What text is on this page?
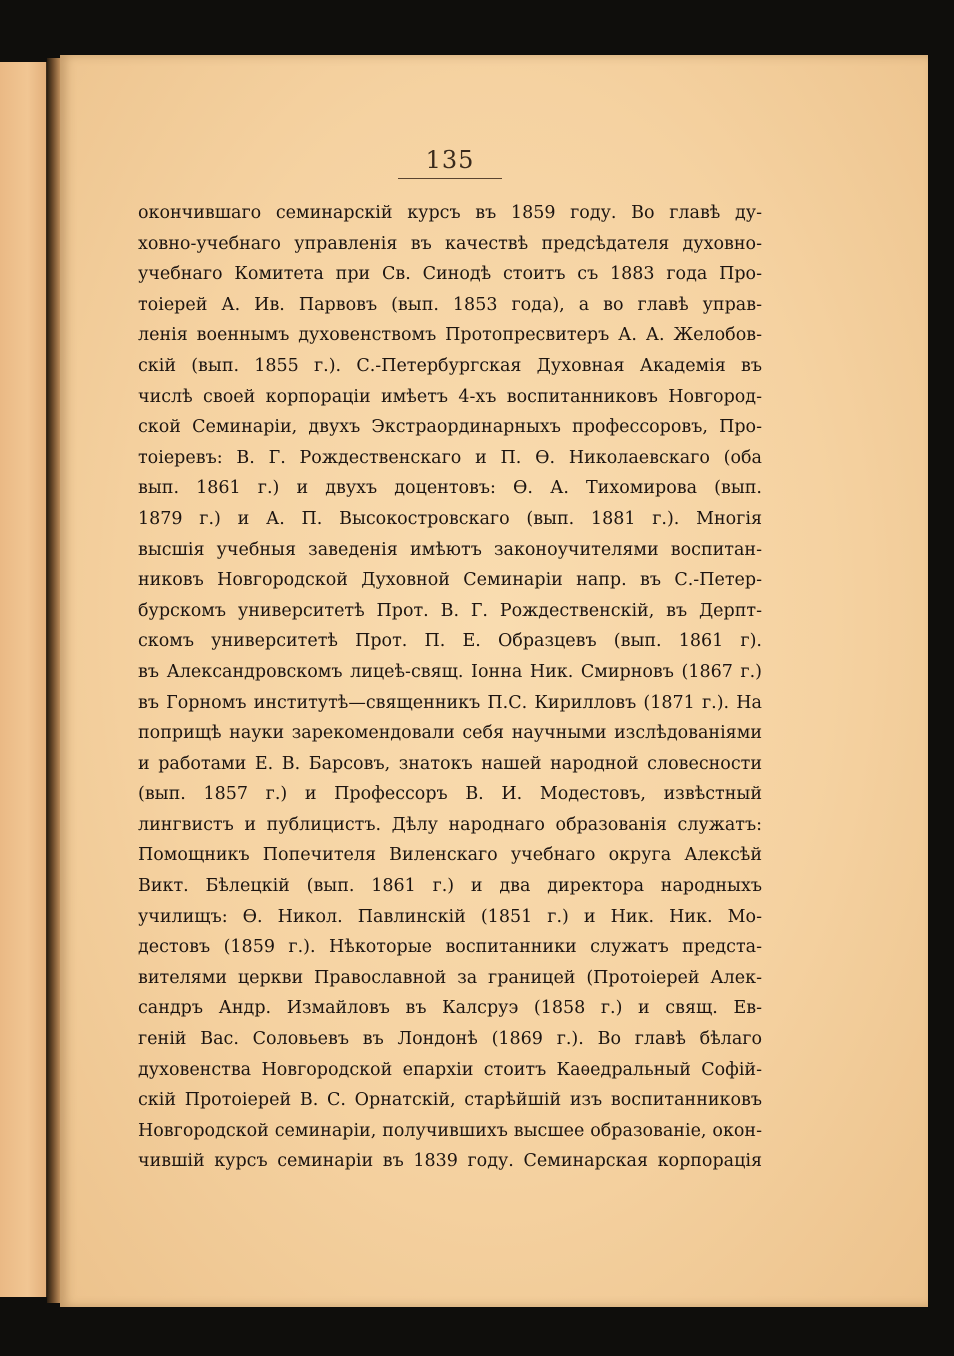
135
окончившаго семинарскій курсъ въ 1859 году. Во главѣ ду-
ховно-учебнаго управленія въ качествѣ предсѣдателя духовно-
учебнаго Комитета при Св. Синодѣ стоитъ съ 1883 года Про-
тоіерей А. Ив. Парвовъ (вып. 1853 года), а во главѣ управ-
ленія военнымъ духовенствомъ Протопресвитеръ А. А. Желобов-
скій (вып. 1855 г.). С.-Петербургская Духовная Академія въ
числѣ своей корпораціи имѣетъ 4-хъ воспитанниковъ Новгород-
ской Семинаріи, двухъ Экстраординарныхъ профессоровъ, Про-
тоіеревъ: В. Г. Рождественскаго и П. Ѳ. Николаевскаго (оба
вып. 1861 г.) и двухъ доцентовъ: Ѳ. А. Тихомирова (вып.
1879 г.) и А. П. Высокостровскаго (вып. 1881 г.). Многія
высшія учебныя заведенія имѣютъ законоучителями воспитан-
никовъ Новгородской Духовной Семинаріи напр. въ С.-Петер-
бурскомъ университетѣ Прот. В. Г. Рождественскій, въ Дерпт-
скомъ университетѣ Прот. П. Е. Образцевъ (вып. 1861 г).
въ Александровскомъ лицеѣ-свящ. Іоннa Ник. Смирновъ (1867 г.)
въ Горномъ институтѣ—священникъ П.С. Кирилловъ (1871 г.). На
поприщѣ науки зарекомендовали себя научными изслѣдованіями
и работами Е. В. Барсовъ, знатокъ нашей народной словесности
(вып. 1857 г.) и Профессоръ В. И. Модестовъ, извѣстный
лингвистъ и публицистъ. Дѣлу народнаго образованія служатъ:
Помощникъ Попечителя Виленскаго учебнаго округа Алексѣй
Викт. Бѣлецкій (вып. 1861 г.) и два директора народныхъ
училищъ: Ѳ. Никол. Павлинскій (1851 г.) и Ник. Ник. Мо-
дестовъ (1859 г.). Нѣкоторые воспитанники служатъ предста-
вителями церкви Православной за границей (Протоіерей Алек-
сандръ Андр. Измайловъ въ Калсруэ (1858 г.) и свящ. Ев-
геній Вас. Соловьевъ въ Лондонѣ (1869 г.). Во главѣ бѣлаго
духовенства Новгородской епархіи стоитъ Каѳедральный Софій-
скій Протоіерей В. С. Орнатскій, старѣйшій изъ воспитанниковъ
Новгородской семинаріи, получившихъ высшее образованіе, окон-
чившій курсъ семинаріи въ 1839 году. Семинарская корпорація
